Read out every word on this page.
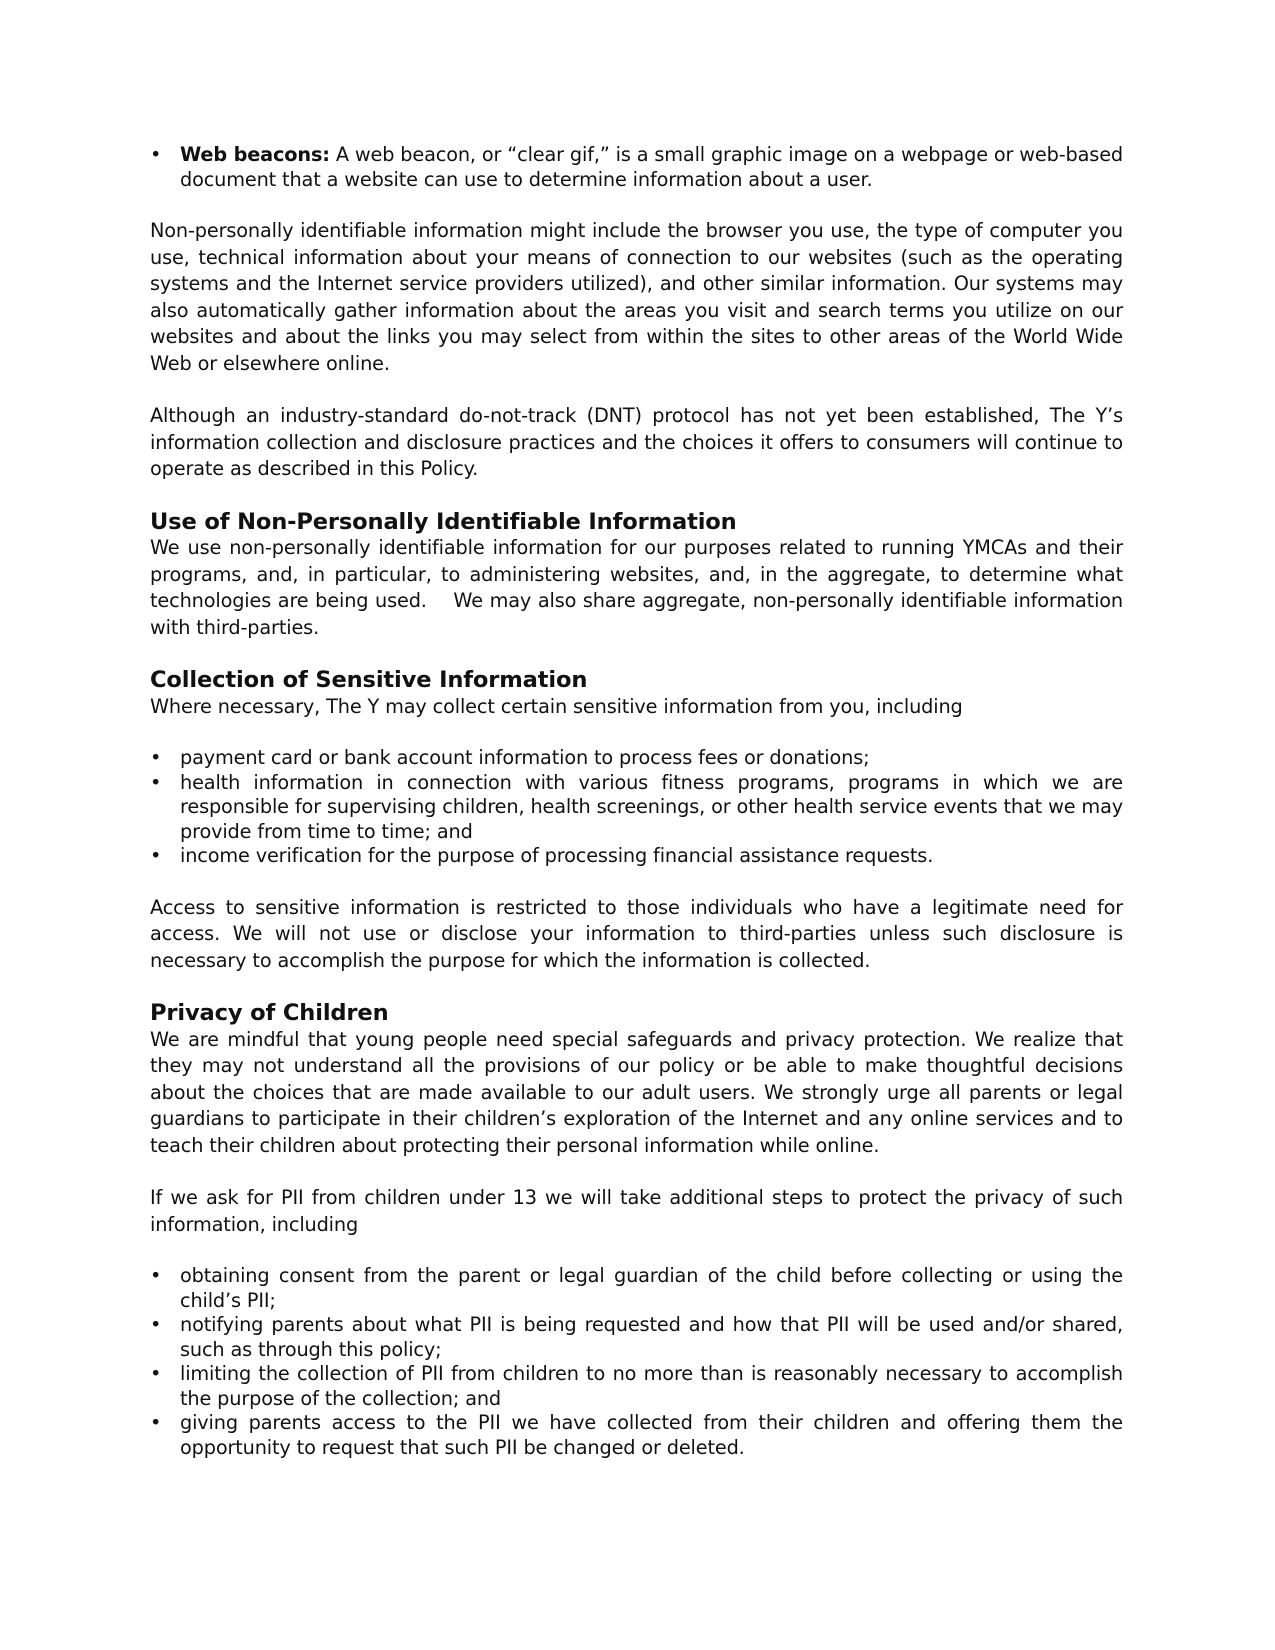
• Web beacons: A web beacon, or “clear gif,” is a small graphic image on a webpage or web-based document that a website can use to determine information about a user.

Non-personally identifiable information might include the browser you use, the type of computer you use, technical information about your means of connection to our websites (such as the operating systems and the Internet service providers utilized), and other similar information. Our systems may also automatically gather information about the areas you visit and search terms you utilize on our websites and about the links you may select from within the sites to other areas of the World Wide Web or elsewhere online.

Although an industry-standard do-not-track (DNT) protocol has not yet been established, The Y’s information collection and disclosure practices and the choices it offers to consumers will continue to operate as described in this Policy.

Use of Non-Personally Identifiable Information

We use non-personally identifiable information for our purposes related to running YMCAs and their programs, and, in particular, to administering websites, and, in the aggregate, to determine what technologies are being used.    We may also share aggregate, non-personally identifiable information with third-parties.

Collection of Sensitive Information

Where necessary, The Y may collect certain sensitive information from you, including

• payment card or bank account information to process fees or donations;
• health information in connection with various fitness programs, programs in which we are responsible for supervising children, health screenings, or other health service events that we may provide from time to time; and
• income verification for the purpose of processing financial assistance requests.

Access to sensitive information is restricted to those individuals who have a legitimate need for access. We will not use or disclose your information to third-parties unless such disclosure is necessary to accomplish the purpose for which the information is collected.

Privacy of Children

We are mindful that young people need special safeguards and privacy protection. We realize that they may not understand all the provisions of our policy or be able to make thoughtful decisions about the choices that are made available to our adult users. We strongly urge all parents or legal guardians to participate in their children’s exploration of the Internet and any online services and to teach their children about protecting their personal information while online.

If we ask for PII from children under 13 we will take additional steps to protect the privacy of such information, including

• obtaining consent from the parent or legal guardian of the child before collecting or using the child’s PII;
• notifying parents about what PII is being requested and how that PII will be used and/or shared, such as through this policy;
• limiting the collection of PII from children to no more than is reasonably necessary to accomplish the purpose of the collection; and
• giving parents access to the PII we have collected from their children and offering them the opportunity to request that such PII be changed or deleted.
